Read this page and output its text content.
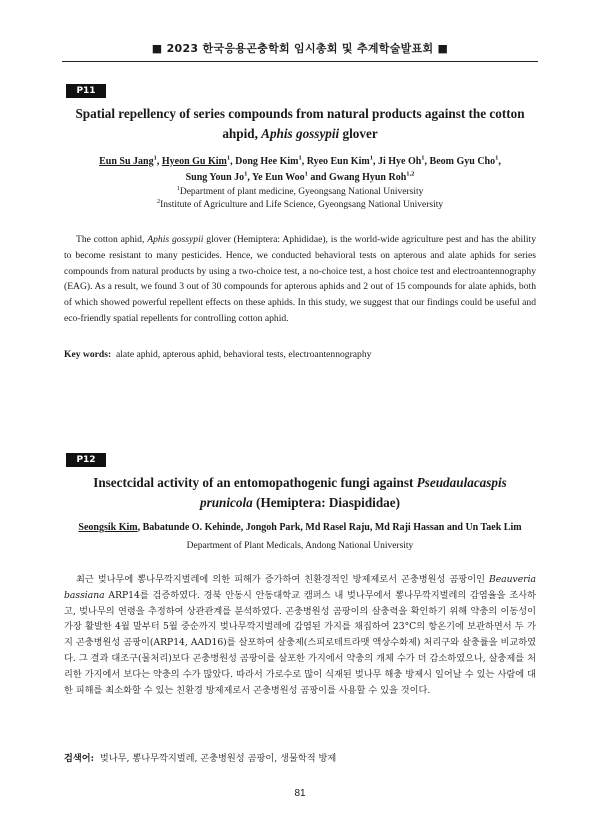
■ 2023 한국응용곤충학회 임시총회 및 추계학술발표회 ■
P11
Spatial repellency of series compounds from natural products against the cotton ahpid, Aphis gossypii glover
Eun Su Jang$^1$, Hyeon Gu Kim$^1$, Dong Hee Kim$^1$, Ryeo Eun Kim$^1$, Ji Hye Oh$^1$, Beom Gyu Cho$^1$,
Sung Youn Jo$^1$, Ye Eun Woo$^1$ and Gwang Hyun Roh$^{1,2}$
$^1$Department of plant medicine, Gyeongsang National University
$^2$Institute of Agriculture and Life Science, Gyeongsang National University
The cotton aphid, Aphis gossypii glover (Hemiptera: Aphididae), is the world-wide agriculture pest and has the ability to become resistant to many pesticides. Hence, we conducted behavioral tests on apterous and alate aphids for series compounds from natural products by using a two-choice test, a no-choice test, a host choice test and electroantennography (EAG). As a result, we found 3 out of 30 compounds for apterous aphids and 2 out of 15 compounds for alate aphids, both of which showed powerful repellent effects on these aphids. In this study, we suggest that our findings could be useful and eco-friendly spatial repellents for controlling cotton aphid.
Key words: alate aphid, apterous aphid, behavioral tests, electroantennography
P12
Insectcidal activity of an entomopathogenic fungi against Pseudaulacaspis prunicola (Hemiptera: Diaspididae)
Seongsik Kim, Babatunde O. Kehinde, Jongoh Park, Md Rasel Raju, Md Raji Hassan and Un Taek Lim
Department of Plant Medicals, Andong National University
최근 벚나무에 뽕나무깍지벌레에 의한 피해가 증가하여 친환경적인 방제제로서 곤충병원성 곰팡이인 Beauveria bassiana ARP14를 검증하였다. 경북 안동시 안동대학교 캠퍼스 내 벚나무에서 뽕나무깍지벌레의 감염율을 조사하고, 벚나무의 연령을 추정하여 상관관계를 분석하였다. 곤충병원성 곰팡이의 살충력을 확인하기 위해 약충의 이동성이 가장 활발한 4월 말부터 5월 중순까지 벚나무깍지벌레에 감염된 가지를 채집하여 23°C의 항온기에 보관하면서 두 가지 곤충병원성 곰팡이(ARP14, AAD16)를 살포하여 살충제(스피로테트라맷 액상수화제) 처리구와 살충률을 비교하였다. 그 결과 대조구(물처리)보다 곤충병원성 곰팡이를 살포한 가지에서 약충의 개체 수가 더 감소하였으나, 살충제를 처리한 가지에서 보다는 약충의 수가 많았다. 따라서 가로수로 많이 식재된 벚나무 해충 방제시 일어날 수 있는 사람에 대한 피해를 최소화할 수 있는 친환경 방제제로서 곤충병원성 곰팡이를 사용할 수 있을 것이다.
검색어: 벚나무, 뽕나무깍지벌레, 곤충병원성 곰팡이, 생물학적 방제
81
